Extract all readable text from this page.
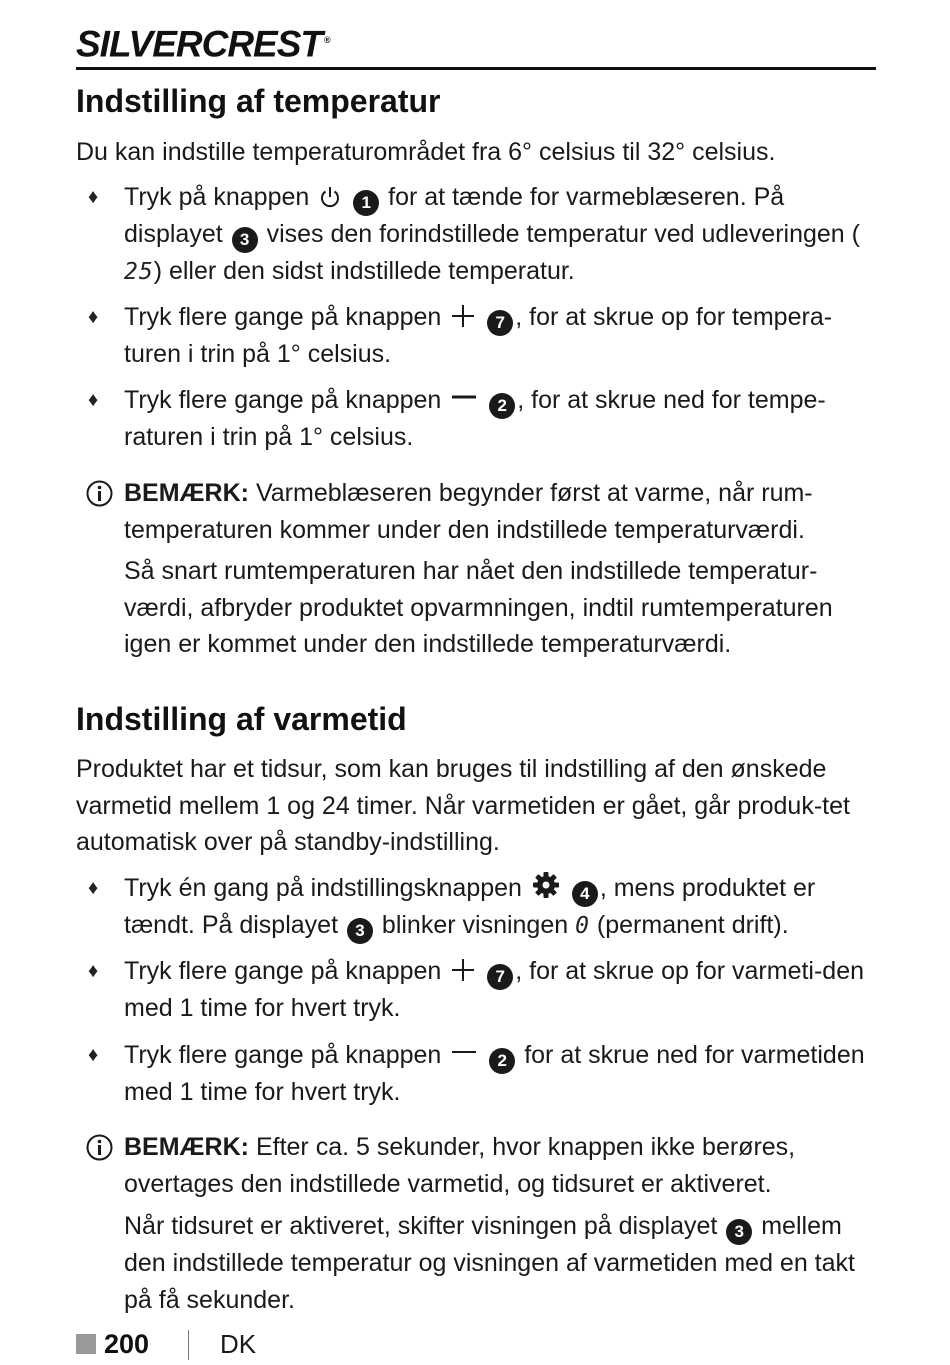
SILVERCREST ®
Indstilling af temperatur

Du kan indstille temperaturområdet fra 6° celsius til 32° celsius.

♦ Tryk på knappen	1 for at tænde for varmeblæseren. På displayet 3 vises den forindstillede temperatur ved udleveringen (25) eller den sidst indstillede temperatur.
♦ Tryk flere gange på knappen	7 , for at skrue op for tempera-turen i trin på 1° celsius.
♦ Tryk flere gange på knappen	2 , for at skrue ned for tempe-raturen i trin på 1° celsius.
BEMÆRK: Varmeblæseren begynder først at varme, når rum-temperaturen kommer under den indstillede temperaturværdi.
Så snart rumtemperaturen har nået den indstillede temperatur-værdi, afbryder produktet opvarmningen, indtil rumtemperaturen igen er kommet under den indstillede temperaturværdi.
Indstilling af varmetid

Produktet har et tidsur, som kan bruges til indstilling af den ønskede varmetid mellem 1 og 24 timer. Når varmetiden er gået, går produk-tet automatisk over på standby-indstilling.

♦ Tryk én gang på indstillingsknappen	4 , mens produktet er tændt. På displayet 3 blinker visningen 0 (permanent drift).
♦ Tryk flere gange på knappen	7 , for at skrue op for varmeti-den med 1 time for hvert tryk.
♦ Tryk flere gange på knappen	2 for at skrue ned for varmetiden med 1 time for hvert tryk.
BEMÆRK: Efter ca. 5 sekunder, hvor knappen ikke berøres, overtages den indstillede varmetid, og tidsuret er aktiveret.
Når tidsuret er aktiveret, skifter visningen på displayet 3 mellem den indstillede temperatur og visningen af varmetiden med en takt på få sekunder.
200	DK
